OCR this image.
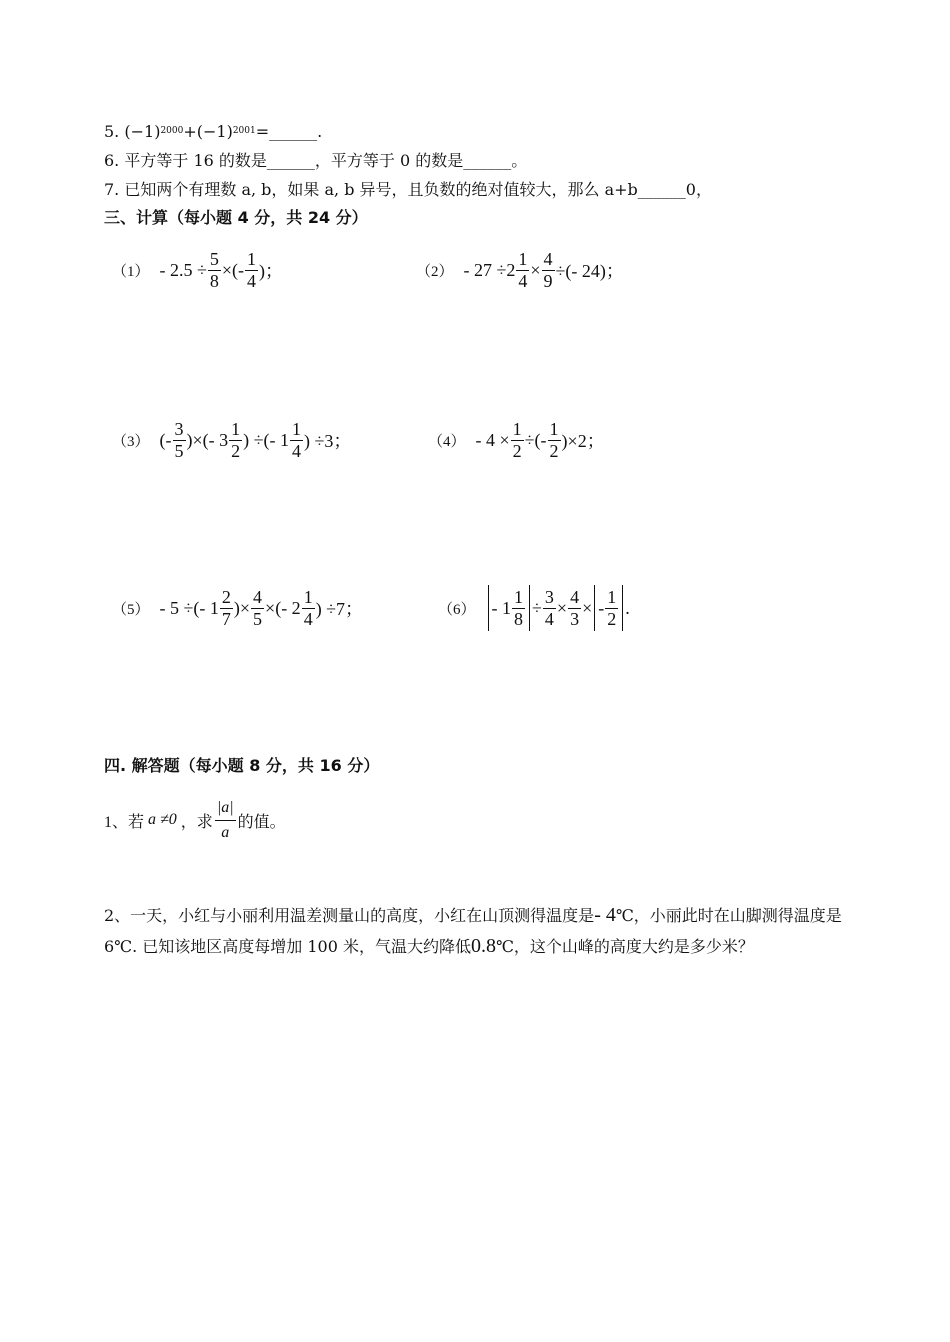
5. $(-1)^{2000}+(-1)^{2001}=\_\_\_\_\_\_$.
6. 平方等于 16 的数是______，平方等于 0 的数是______。
7. 已知两个有理数 a, b，如果 a, b 异号，且负数的绝对值较大，那么 a+b______0，
三、计算（每小题 4 分，共 24 分）
$(1) - 2.5 \div \frac{5}{8}$ ×(- $\frac{1}{4}$ )；	$(2) - 27 \div 2 \frac{1}{4} \times \frac{4}{9}$ ÷(- 24)；
（3） (- $\frac{3}{5}$ )×(- $3 \frac{1}{2}$ ) ÷(- $1 \frac{1}{4}$ ) ÷3；	$(4) - 4 \times \frac{1}{2}$ ÷(- $\frac{1}{2} )\times 2$；
（5） - 5 ÷(- $1 \frac{2}{7}$ )× $\frac{4}{5}$ ×(- $2 \frac{1}{4}$ ) ÷7；	$(6) - 1 \frac{1}{8} \div \frac{3}{4} \times \frac{4}{3}$ × - $\frac{1}{2}$ .
四. 解答题（每小题 8 分，共 16 分）
1、若 a ≠0 ，求 $\frac{|a|}{a}$ 的值。
2、一天，小红与小丽利用温差测量山的高度，小红在山顶测得温度是- 4℃，小丽此时在山脚测得温度是 6℃. 已知该地区高度每增加 100 米，气温大约降低0.8℃，这个山峰的高度大约是多少米？
